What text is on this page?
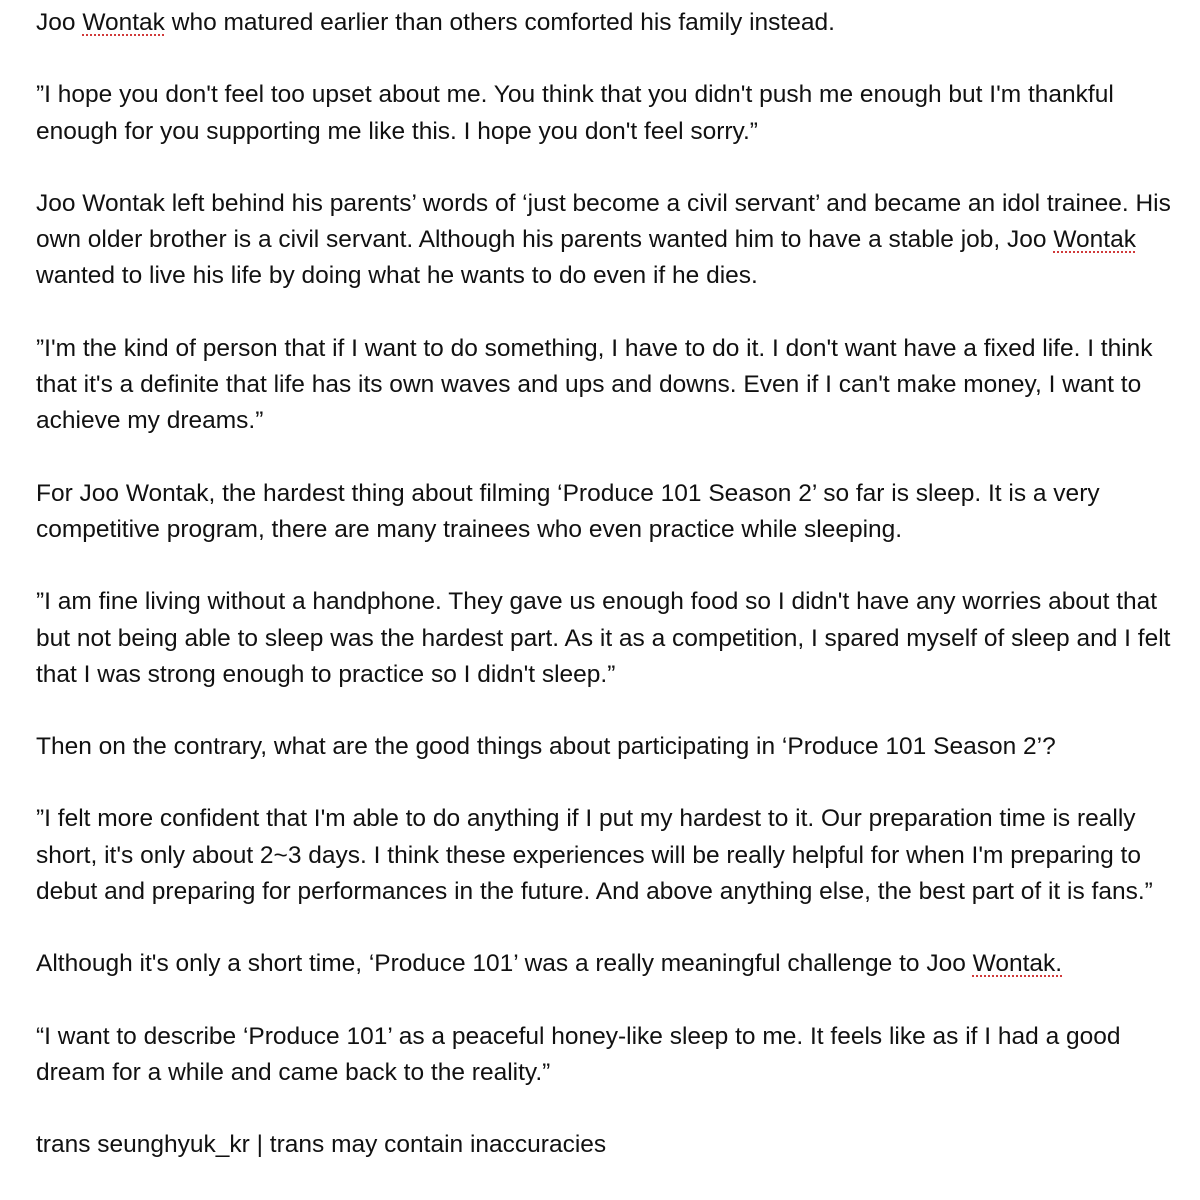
Joo Wontak who matured earlier than others comforted his family instead.

”I hope you don't feel too upset about me. You think that you didn't push me enough but I'm thankful enough for you supporting me like this. I hope you don't feel sorry.”

Joo Wontak left behind his parents’ words of ‘just become a civil servant’ and became an idol trainee. His own older brother is a civil servant. Although his parents wanted him to have a stable job, Joo Wontak wanted to live his life by doing what he wants to do even if he dies.

”I'm the kind of person that if I want to do something, I have to do it. I don't want have a fixed life. I think that it's a definite that life has its own waves and ups and downs. Even if I can't make money, I want to achieve my dreams.”

For Joo Wontak, the hardest thing about filming ‘Produce 101 Season 2’ so far is sleep. It is a very competitive program, there are many trainees who even practice while sleeping.

”I am fine living without a handphone. They gave us enough food so I didn't have any worries about that but not being able to sleep was the hardest part. As it as a competition, I spared myself of sleep and I felt that I was strong enough to practice so I didn't sleep.”

Then on the contrary, what are the good things about participating in ‘Produce 101 Season 2’?

”I felt more confident that I'm able to do anything if I put my hardest to it. Our preparation time is really short, it's only about 2~3 days. I think these experiences will be really helpful for when I'm preparing to debut and preparing for performances in the future. And above anything else, the best part of it is fans.”

Although it's only a short time, ‘Produce 101’ was a really meaningful challenge to Joo Wontak.

“I want to describe ‘Produce 101’ as a peaceful honey-like sleep to me. It feels like as if I had a good dream for a while and came back to the reality.”

trans seunghyuk_kr | trans may contain inaccuracies
